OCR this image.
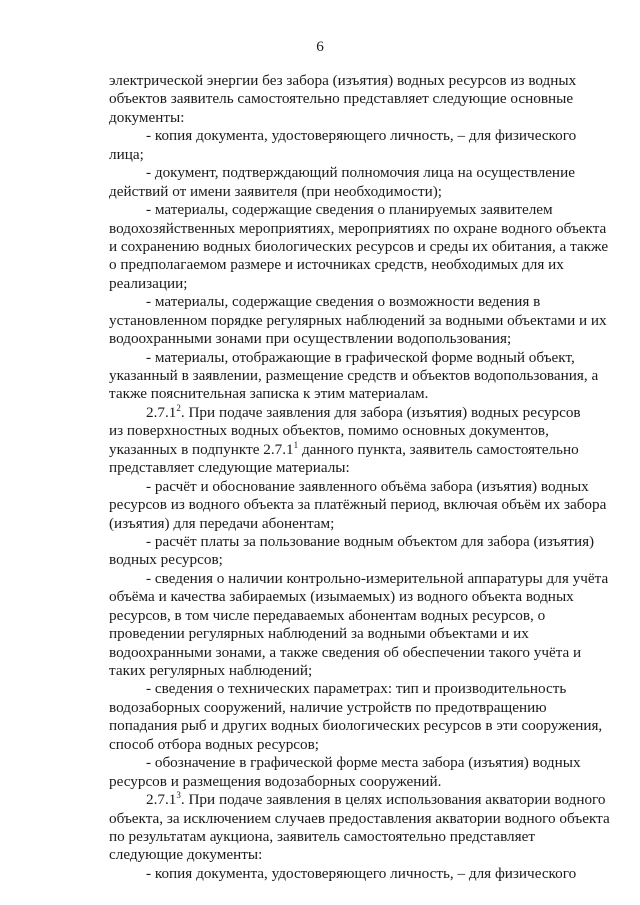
6
электрической энергии без забора (изъятия) водных ресурсов из водных
объектов заявитель самостоятельно представляет следующие основные
документы:
- копия документа, удостоверяющего личность, – для физического
лица;
- документ, подтверждающий полномочия лица на осуществление
действий от имени заявителя (при необходимости);
- материалы, содержащие сведения о планируемых заявителем
водохозяйственных мероприятиях, мероприятиях по охране водного объекта
и сохранению водных биологических ресурсов и среды их обитания, а также
о предполагаемом размере и источниках средств, необходимых для их
реализации;
- материалы, содержащие сведения о возможности ведения в
установленном порядке регулярных наблюдений за водными объектами и их
водоохранными зонами при осуществлении водопользования;
- материалы, отображающие в графической форме водный объект,
указанный в заявлении, размещение средств и объектов водопользования, а
также пояснительная записка к этим материалам.
2.7.1$^2$. При подаче заявления для забора (изъятия) водных ресурсов
из поверхностных водных объектов, помимо основных документов,
указанных в подпункте 2.7.1$^1$ данного пункта, заявитель самостоятельно
представляет следующие материалы:
- расчёт и обоснование заявленного объёма забора (изъятия) водных
ресурсов из водного объекта за платёжный период, включая объём их забора
(изъятия) для передачи абонентам;
- расчёт платы за пользование водным объектом для забора (изъятия)
водных ресурсов;
- сведения о наличии контрольно-измерительной аппаратуры для учёта
объёма и качества забираемых (изымаемых) из водного объекта водных
ресурсов, в том числе передаваемых абонентам водных ресурсов, о
проведении регулярных наблюдений за водными объектами и их
водоохранными зонами, а также сведения об обеспечении такого учёта и
таких регулярных наблюдений;
- сведения о технических параметрах: тип и производительность
водозаборных сооружений, наличие устройств по предотвращению
попадания рыб и других водных биологических ресурсов в эти сооружения,
способ отбора водных ресурсов;
- обозначение в графической форме места забора (изъятия) водных
ресурсов и размещения водозаборных сооружений.
2.7.1$^3$. При подаче заявления в целях использования акватории водного
объекта, за исключением случаев предоставления акватории водного объекта
по результатам аукциона, заявитель самостоятельно представляет
следующие документы:
- копия документа, удостоверяющего личность, – для физического
